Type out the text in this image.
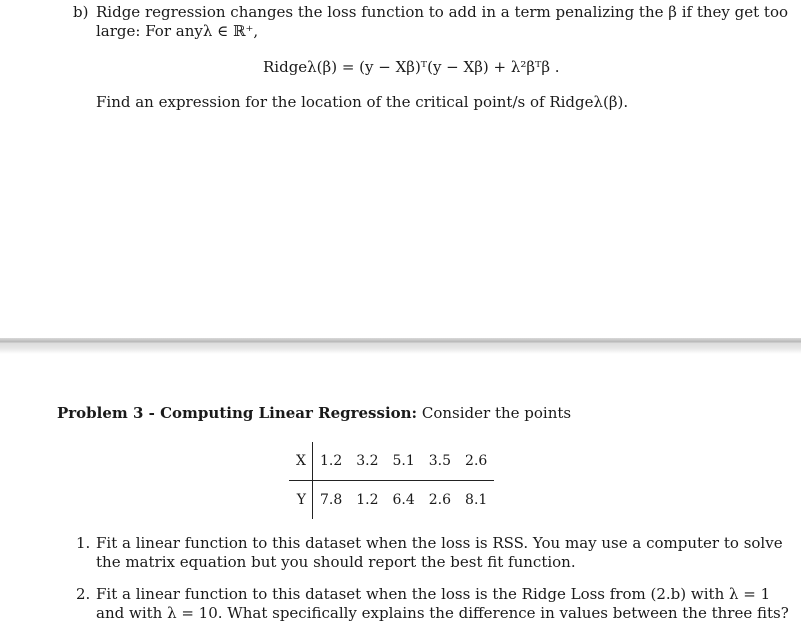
b) Ridge regression changes the loss function to add in a term penalizing the β if they get too
large: For anyλ ∈ ℝ⁺,
Ridgeλ(β) = (y − Xβ)ᵀ(y − Xβ) + λ²βᵀβ .
Find an expression for the location of the critical point/s of Ridgeλ(β).
Problem 3 - Computing Linear Regression: Consider the points
X	1.2	3.2	5.1	3.5	2.6
Y	7.8	1.2	6.4	2.6	8.1
1. Fit a linear function to this dataset when the loss is RSS. You may use a computer to solve
the matrix equation but you should report the best fit function.
2. Fit a linear function to this dataset when the loss is the Ridge Loss from (2.b) with λ = 1
and with λ = 10. What specifically explains the difference in values between the three fits?
